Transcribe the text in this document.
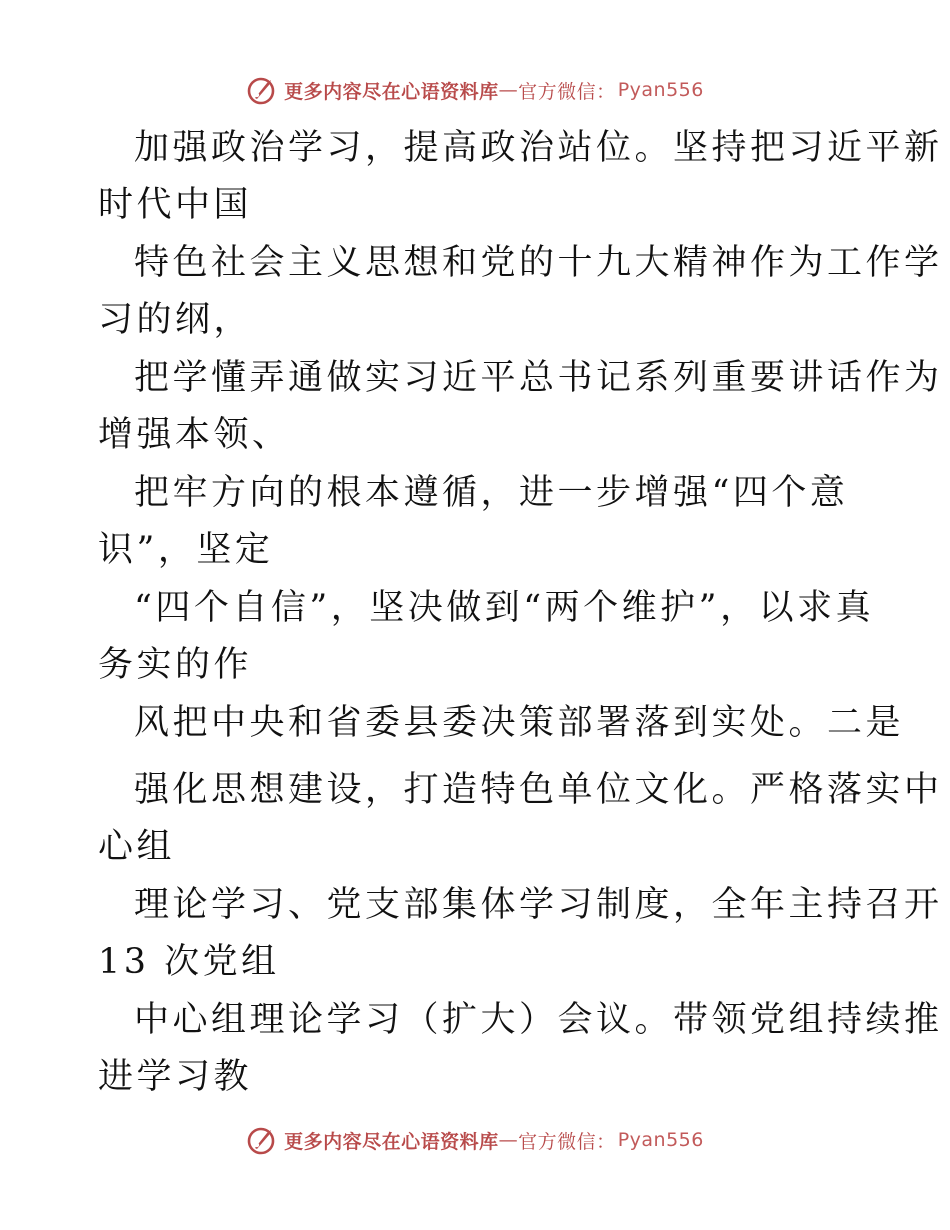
更多内容尽在心语资料库 — 官方微信： Pyan556
加强政治学习，提高政治站位。坚持把习近平新
时代中国
特色社会主义思想和党的十九大精神作为工作学
习的纲，
把学懂弄通做实习近平总书记系列重要讲话作为
增强本领、
把牢方向的根本遵循，进一步增强“四个意
识”，坚定
“四个自信”，坚决做到“两个维护”，以求真
务实的作
风把中央和省委县委决策部署落到实处。二是
强化思想建设，打造特色单位文化。严格落实中
心组
理论学习、党支部集体学习制度，全年主持召开
13 次党组
中心组理论学习（扩大）会议。带领党组持续推
进学习教
更多内容尽在心语资料库 — 官方微信： Pyan556
